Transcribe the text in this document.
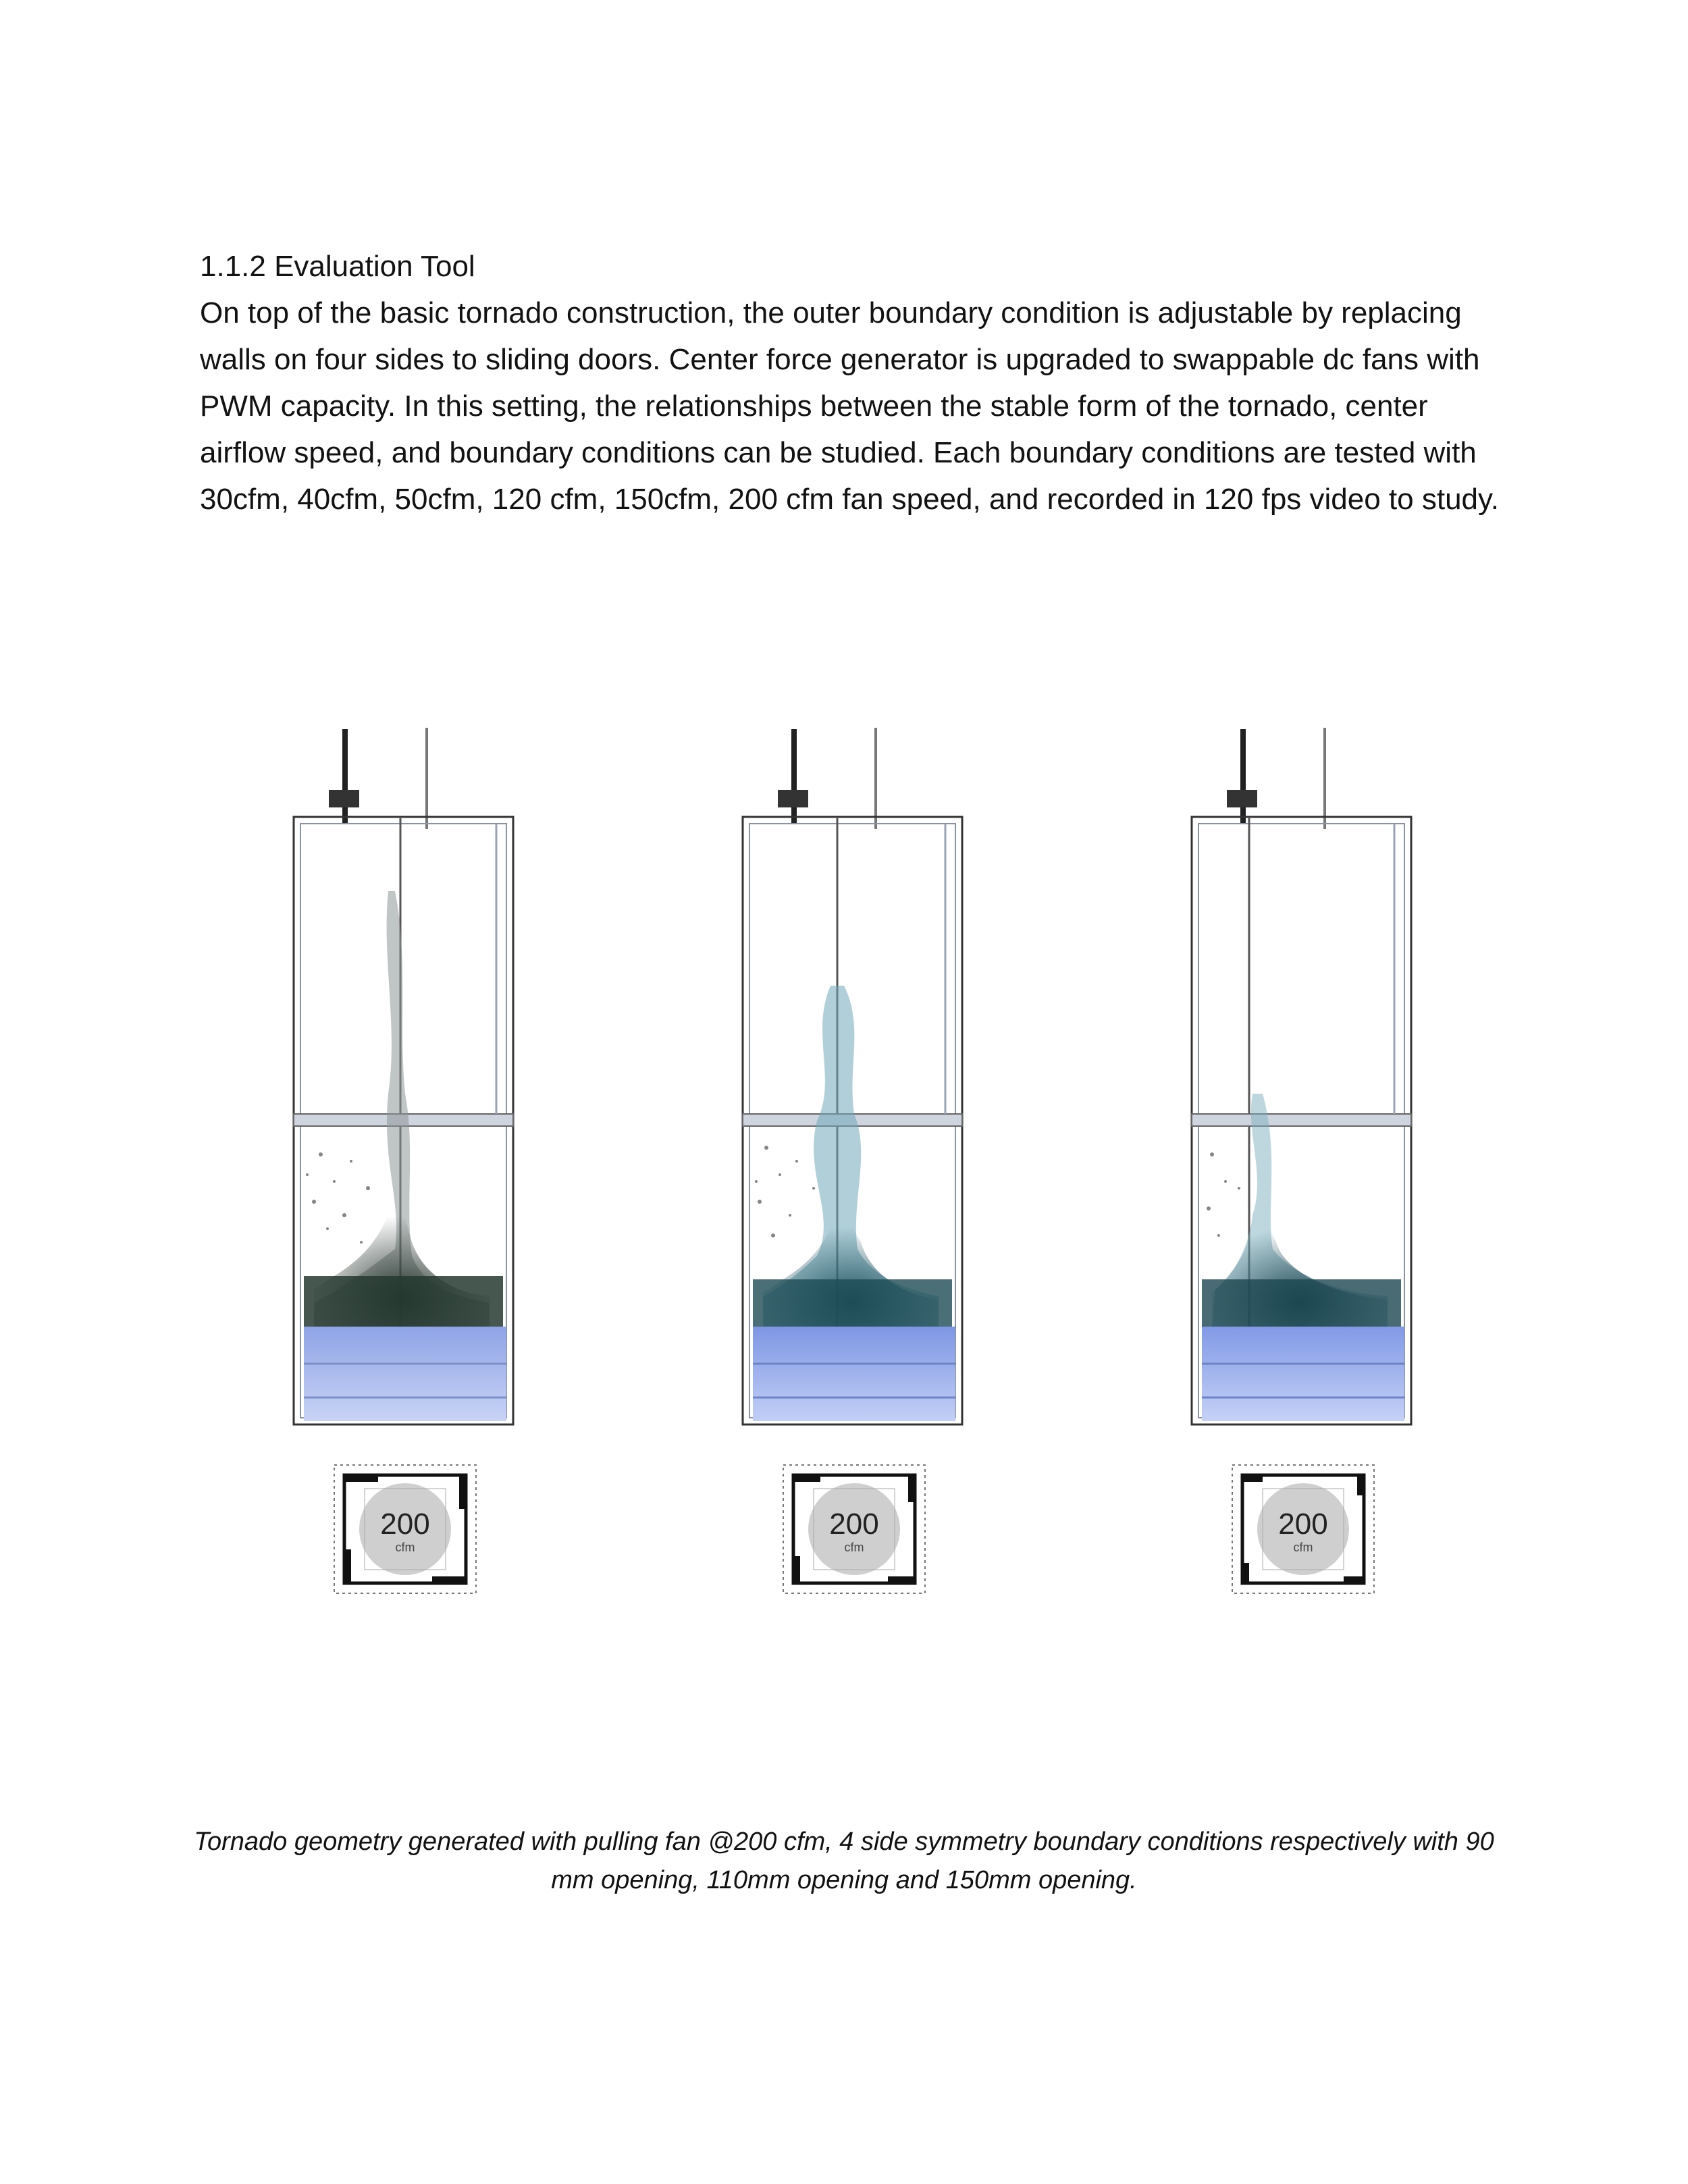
1.1.2 Evaluation Tool

On top of the basic tornado construction, the outer boundary condition is adjustable by replacing walls on four sides to sliding doors. Center force generator is upgraded to swappable dc fans with PWM capacity. In this setting, the relationships between the stable form of the tornado, center airflow speed, and boundary conditions can be studied. Each boundary conditions are tested with 30cfm, 40cfm, 50cfm, 120 cfm, 150cfm, 200 cfm fan speed, and recorded in 120 fps video to study.

200
cfm
200
cfm
200
cfm
Tornado geometry generated with pulling fan @200 cfm, 4 side symmetry boundary conditions respectively with 90
mm opening, 110mm opening and 150mm opening.
